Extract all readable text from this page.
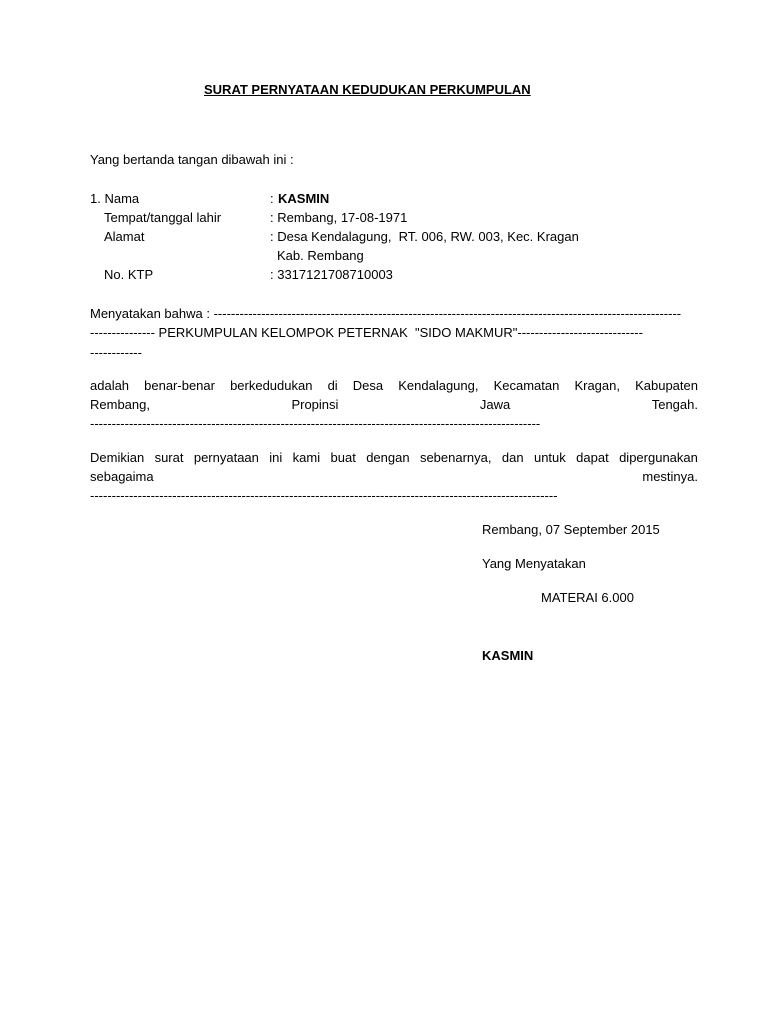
SURAT PERNYATAAN KEDUDUKAN PERKUMPULAN
Yang bertanda tangan dibawah ini :
1. Nama	: KASMIN
Tempat/tanggal lahir	: Rembang, 17-08-1971
Alamat	: Desa Kendalagung,  RT. 006, RW. 003, Kec. Kragan
Kab. Rembang
No. KTP	: 3317121708710003
Menyatakan bahwa : ------------------------------------------------------------------------------------------------------------
--------------- PERKUMPULAN KELOMPOK PETERNAK  "SIDO MAKMUR"-----------------------------
------------
adalah benar-benar berkedudukan di Desa Kendalagung, Kecamatan Kragan, Kabupaten
Rembang,	Propinsi	Jawa	Tengah.
--------------------------------------------------------------------------------------------------------
Demikian surat pernyataan ini kami buat dengan sebenarnya, dan untuk dapat dipergunakan
sebagaima	mestinya.
------------------------------------------------------------------------------------------------------------
Rembang, 07 September 2015
Yang Menyatakan
MATERAI 6.000
KASMIN
